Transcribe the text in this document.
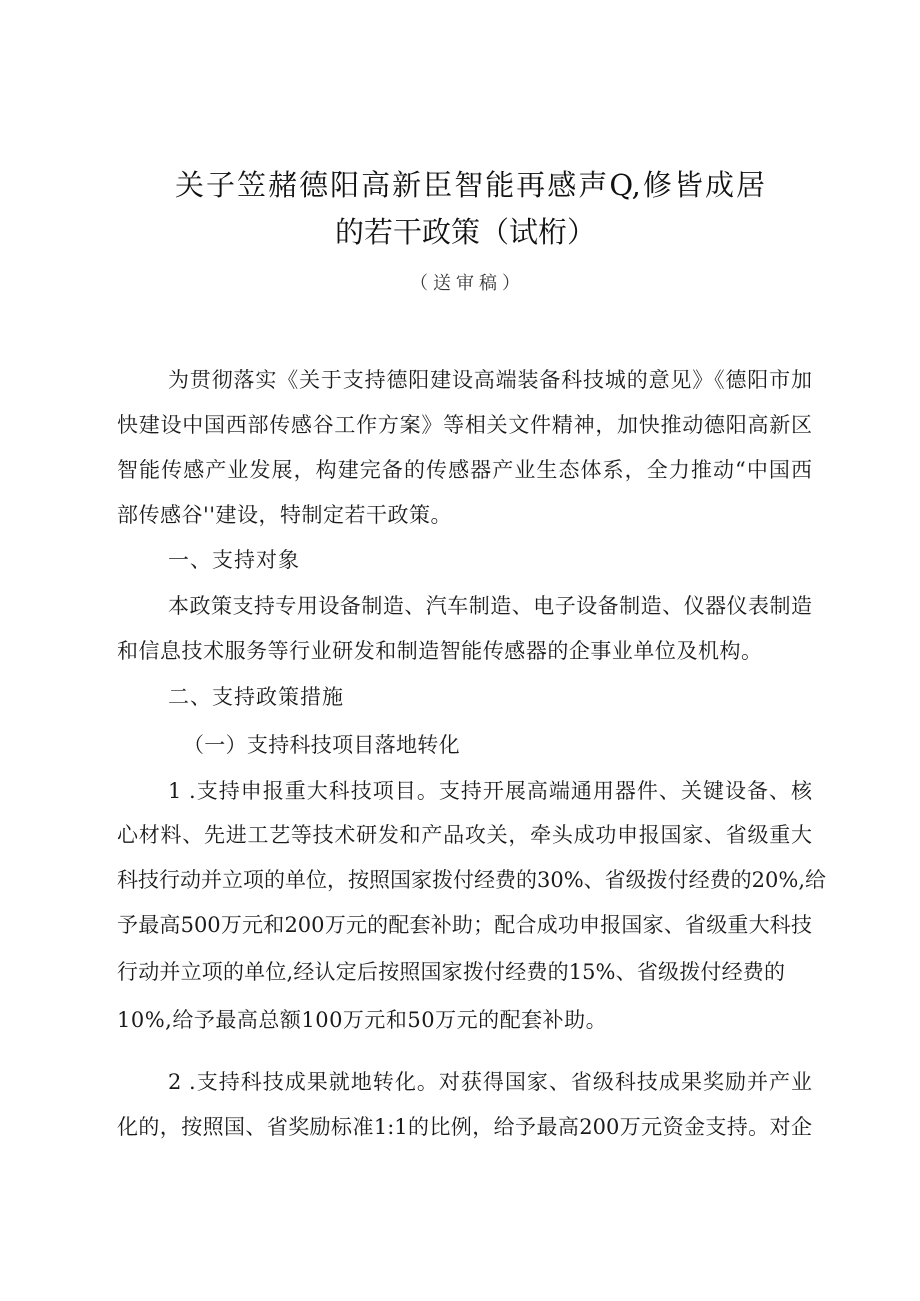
关子笠赭德阳高新臣智能再感声Q,修皆成居
的若干政策（试桁）
（送审稿）
为贯彻落实《关于支持德阳建设高端装备科技城的意见》《德阳市加
快建设中国西部传感谷工作方案》等相关文件精神，加快推动德阳高新区
智能传感产业发展，构建完备的传感器产业生态体系，全力推动“中国西
部传感谷''建设，特制定若干政策。
一、支持对象
本政策支持专用设备制造、汽车制造、电子设备制造、仪器仪表制造
和信息技术服务等行业研发和制造智能传感器的企事业单位及机构。
二、支持政策措施
（一）支持科技项目落地转化
1 .支持申报重大科技项目。支持开展高端通用器件、关键设备、核
心材料、先进工艺等技术研发和产品攻关，牵头成功申报国家、省级重大
科技行动并立项的单位，按照国家拨付经费的30%、省级拨付经费的20%,给
予最高500万元和200万元的配套补助；配合成功申报国家、省级重大科技
行动并立项的单位,经认定后按照国家拨付经费的15%、省级拨付经费的
10%,给予最高总额100万元和50万元的配套补助。
2 .支持科技成果就地转化。对获得国家、省级科技成果奖励并产业
化的，按照国、省奖励标准1:1的比例，给予最高200万元资金支持。对企
